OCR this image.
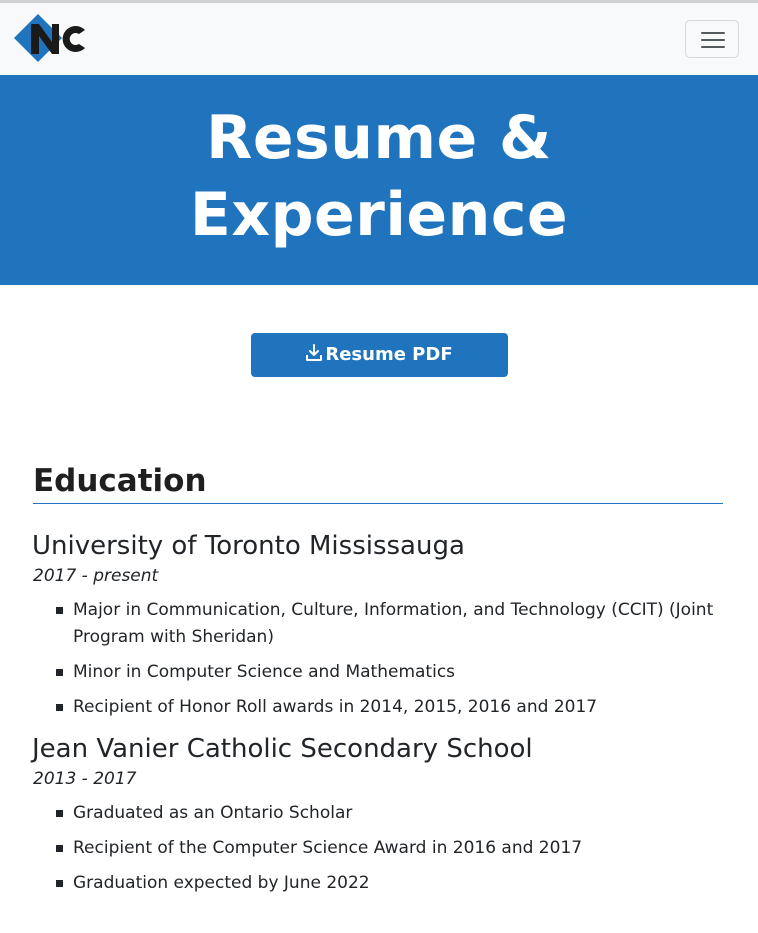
Resume &
Experience
Resume PDF
Education
University of Toronto Mississauga
2017 - present
Major in Communication, Culture, Information, and Technology (CCIT) (Joint Program with Sheridan)
Minor in Computer Science and Mathematics
Recipient of Honor Roll awards in 2014, 2015, 2016 and 2017
Jean Vanier Catholic Secondary School
2013 - 2017
Graduated as an Ontario Scholar
Recipient of the Computer Science Award in 2016 and 2017
Graduation expected by June 2022
